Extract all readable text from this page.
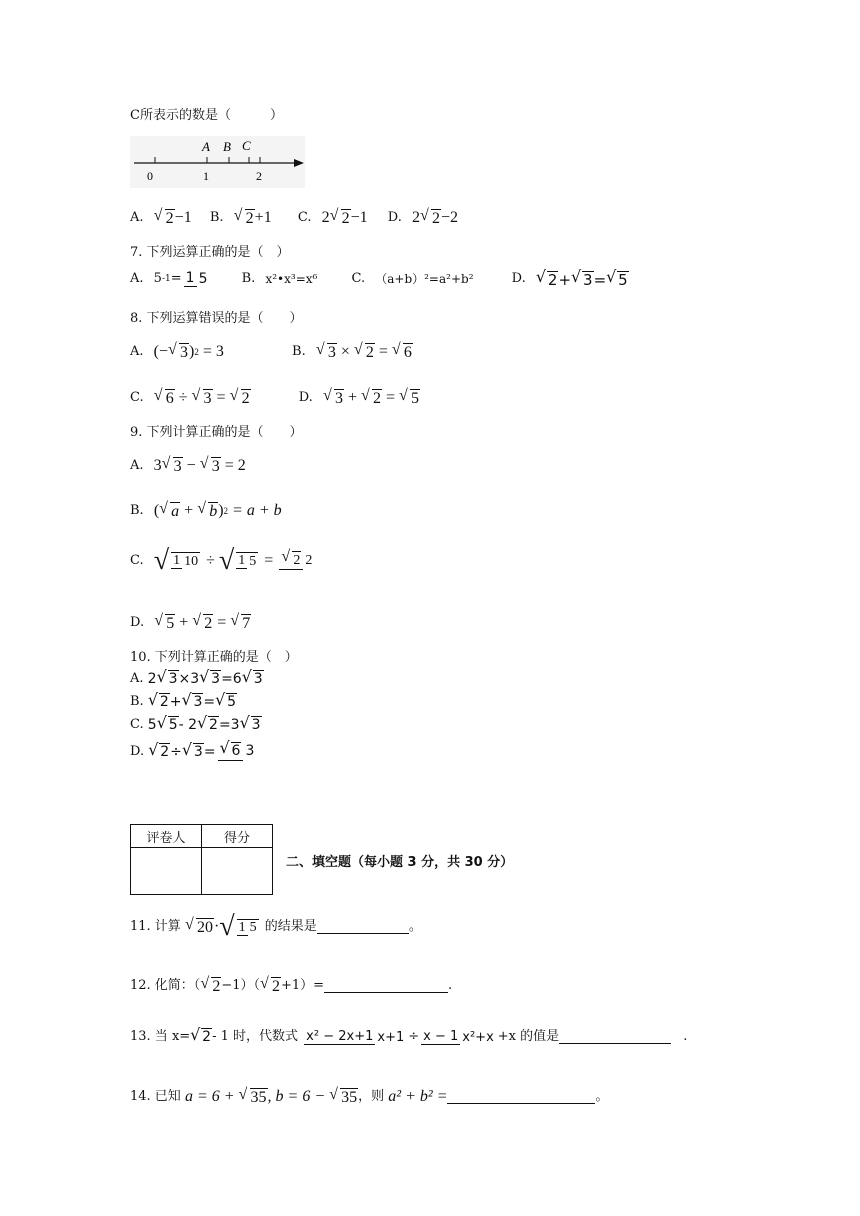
C所表示的数是（　　　）
A B C
0	1	2
A. √ 2−1 B. √ 2+1 C. 2 √ 2−1 D. 2 √ 2−2
7. 下列运算正确的是（　）
A. 5-1= 1 5	B. x²•x³=x⁶	C. （a+b）²=a²+b²	D. √ 2+ √ 3= √ 5
8. 下列运算错误的是（　　）
A. (− √ 3)2 = 3	B. √ 3 × √ 2 = √ 6
C. √ 6 ÷ √ 3 = √ 2	D. √ 3 + √ 2 = √ 5
9. 下列计算正确的是（　　）
A. 3 √ 3 − √ 3 = 2
B. ( √ a + √ b)2 = a + b
C. √ 1 10 ÷ √ 1 5 = √ 2 2
D. √ 5 + √ 2 = √ 7
10. 下列计算正确的是（　）
A. 2 √ 3×3 √ 3=6 √ 3
B. √ 2+ √ 3= √ 5
C. 5 √ 5- 2 √ 2=3 √ 3
D. √ 2÷ √ 3= √ 6 3
评卷人	得分

二、填空题（每小题 3 分，共 30 分）
11. 计算 √ 20·√ 1 5 的结果是	。
12. 化简：（ √ 2−1）（ √ 2+1）=	.
13. 当 x= √ 2- 1 时，代数式 x² − 2x+1 x+1 ÷ x − 1 x²+x +x 的值是	.
14. 已知 a = 6 + √ 35, b = 6 − √ 35，则 a² + b² =	。
